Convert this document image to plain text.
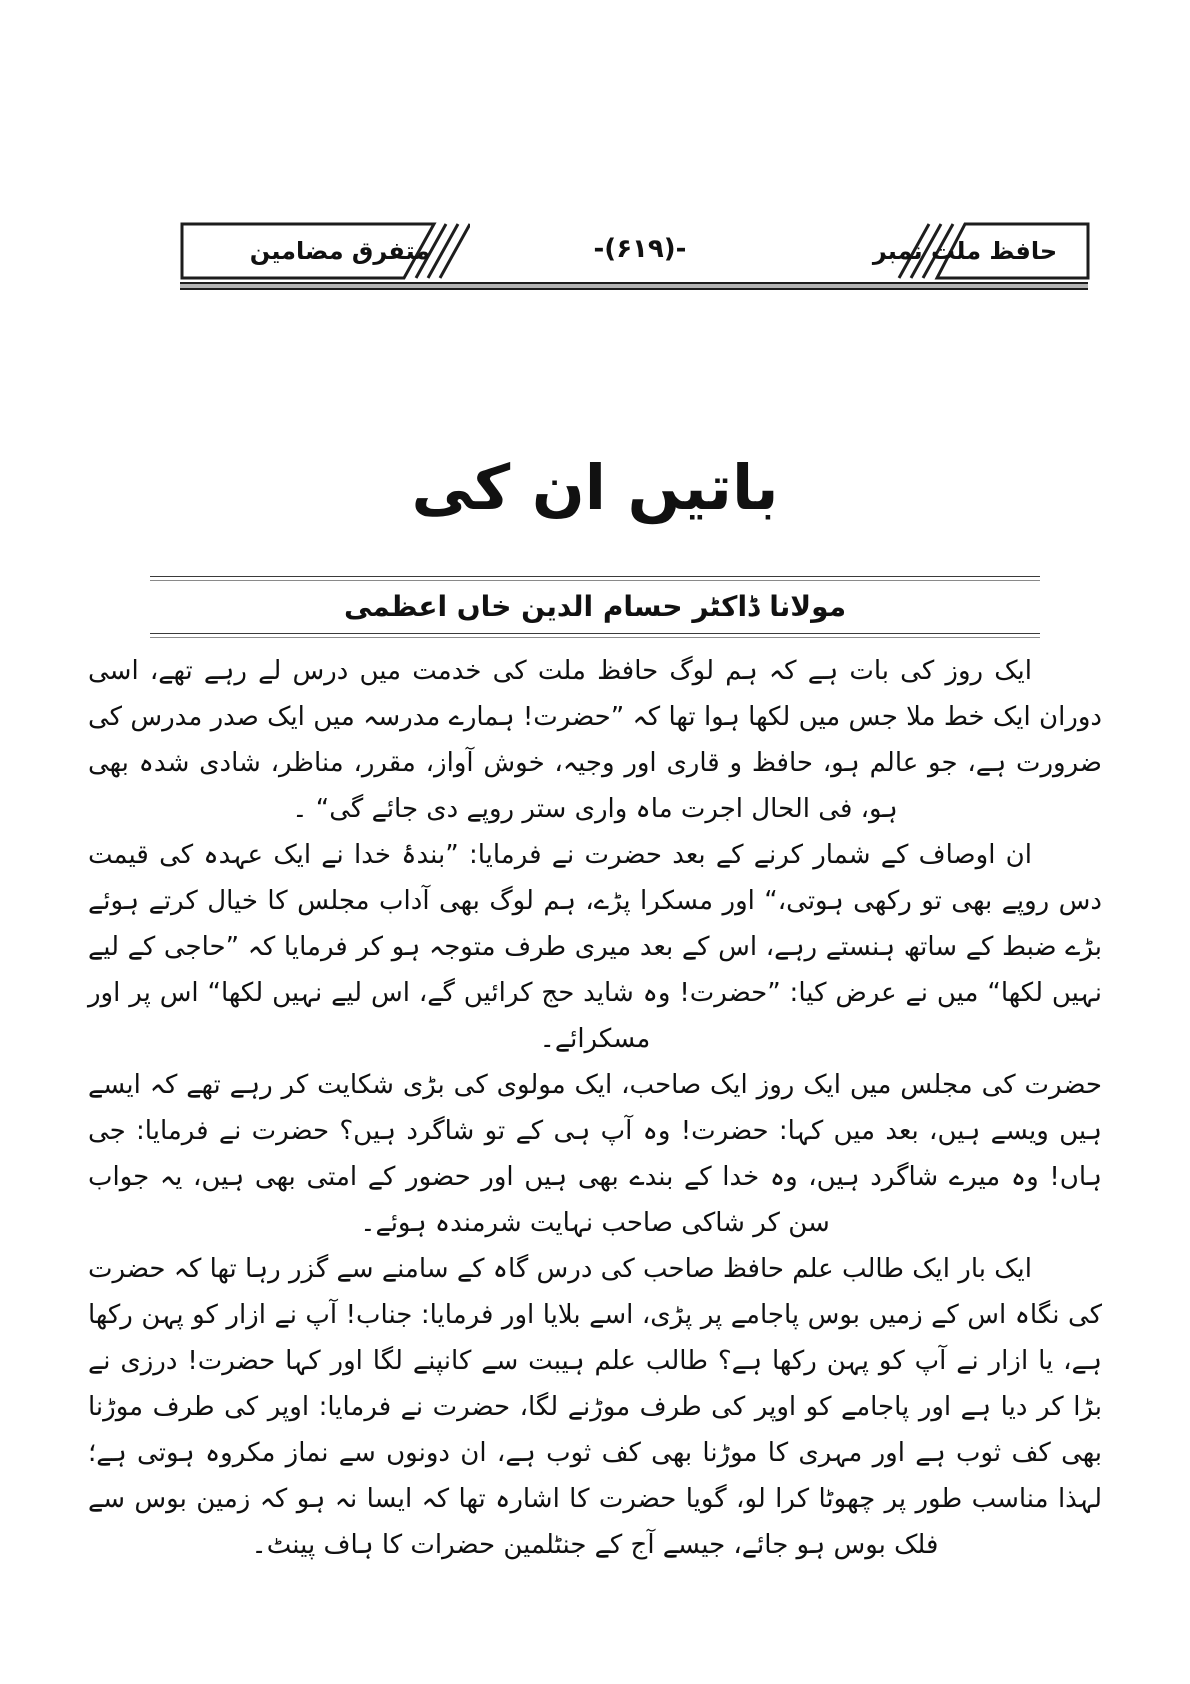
متفرق مضامین	-(۶۱۹)-	حافظ ملت نمبر
باتیں ان کی
مولانا ڈاکٹر حسام الدین خاں اعظمی

ایک روز کی بات ہے کہ ہم لوگ حافظ ملت کی خدمت میں درس لے رہے تھے، اسی دوران ایک خط ملا جس میں لکھا ہوا تھا کہ ”حضرت! ہمارے مدرسہ میں ایک صدر مدرس کی ضرورت ہے، جو عالم ہو، حافظ و قاری اور وجیہ، خوش آواز، مقرر، مناظر، شادی شدہ بھی ہو، فی الحال اجرت ماہ واری ستر روپے دی جائے گی“ ۔

ان اوصاف کے شمار کرنے کے بعد حضرت نے فرمایا: ”بندۂ خدا نے ایک عہدہ کی قیمت دس روپے بھی تو رکھی ہوتی،“ اور مسکرا پڑے، ہم لوگ بھی آداب مجلس کا خیال کرتے ہوئے بڑے ضبط کے ساتھ ہنستے رہے، اس کے بعد میری طرف متوجہ ہو کر فرمایا کہ ”حاجی کے لیے نہیں لکھا“ میں نے عرض کیا: ”حضرت! وہ شاید حج کرائیں گے، اس لیے نہیں لکھا“ اس پر اور مسکرائے۔

حضرت کی مجلس میں ایک روز ایک صاحب، ایک مولوی کی بڑی شکایت کر رہے تھے کہ ایسے ہیں ویسے ہیں، بعد میں کہا: حضرت! وہ آپ ہی کے تو شاگرد ہیں؟ حضرت نے فرمایا: جی ہاں! وہ میرے شاگرد ہیں، وہ خدا کے بندے بھی ہیں اور حضور کے امتی بھی ہیں، یہ جواب سن کر شاکی صاحب نہایت شرمندہ ہوئے۔

ایک بار ایک طالب علم حافظ صاحب کی درس گاہ کے سامنے سے گزر رہا تھا کہ حضرت کی نگاہ اس کے زمیں بوس پاجامے پر پڑی، اسے بلایا اور فرمایا: جناب! آپ نے ازار کو پہن رکھا ہے، یا ازار نے آپ کو پہن رکھا ہے؟ طالب علم ہیبت سے کانپنے لگا اور کہا حضرت! درزی نے بڑا کر دیا ہے اور پاجامے کو اوپر کی طرف موڑنے لگا، حضرت نے فرمایا: اوپر کی طرف موڑنا بھی کف ثوب ہے اور مہری کا موڑنا بھی کف ثوب ہے، ان دونوں سے نماز مکروہ ہوتی ہے؛ لہذا مناسب طور پر چھوٹا کرا لو، گویا حضرت کا اشارہ تھا کہ ایسا نہ ہو کہ زمین بوس سے فلک بوس ہو جائے، جیسے آج کے جنٹلمین حضرات کا ہاف پینٹ۔
